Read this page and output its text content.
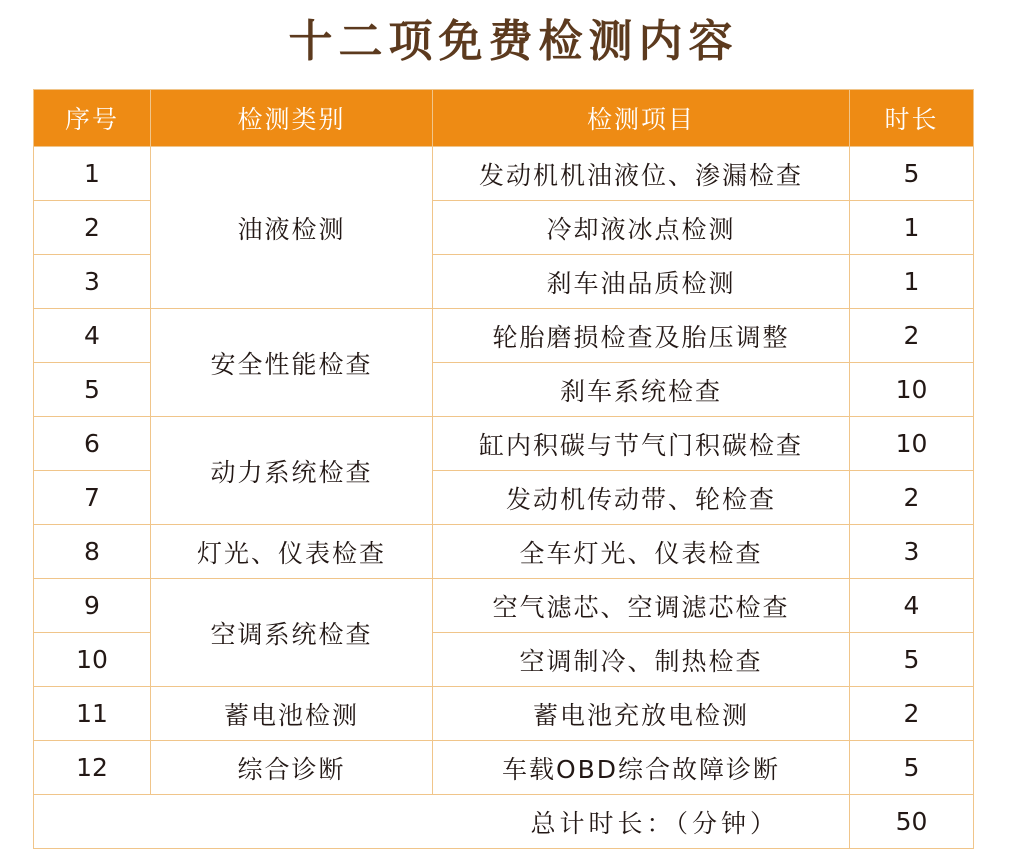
十二项免费检测内容
序号	检测类别	检测项目	时长
1	油液检测	发动机机油液位、渗漏检查	5
2		冷却液冰点检测	1
3		刹车油品质检测	1
4	安全性能检查	轮胎磨损检查及胎压调整	2
5		刹车系统检查	10
6	动力系统检查	缸内积碳与节气门积碳检查	10
7		发动机传动带、轮检查	2
8	灯光、仪表检查	全车灯光、仪表检查	3
9	空调系统检查	空气滤芯、空调滤芯检查	4
10		空调制冷、制热检查	5
11	蓄电池检测	蓄电池充放电检测	2
12	综合诊断	车载OBD综合故障诊断	5
总计时长：（分钟）			50
